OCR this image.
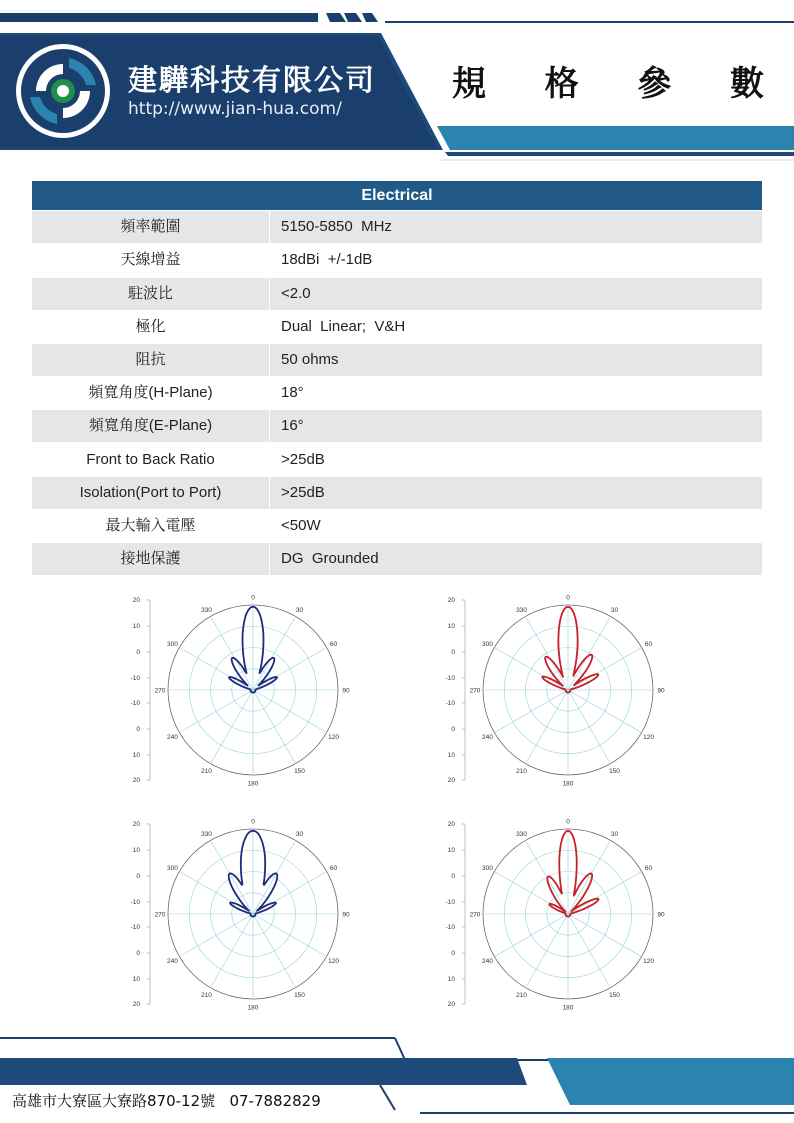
建驊科技有限公司
http://www.jian-hua.com/
規 格 參 數
Electrical
頻率範圍	5150-5850  MHz
天線增益	18dBi  +/-1dB
駐波比	<2.0
極化	Dual  Linear;  V&H
阻抗	50 ohms
頻寬角度(H-Plane)	18°
頻寬角度(E-Plane)	16°
Front to Back Ratio	>25dB
Isolation(Port to Port)	>25dB
最大輸入電壓	<50W
接地保護	DG  Grounded
20
10
0
-10
-10
0
10
20
0
30
60
90
120
150
180
210
240
270
300
330
20
10
0
-10
-10
0
10
20
0
30
60
90
120
150
180
210
240
270
300
330
20
10
0
-10
-10
0
10
20
0
30
60
90
120
150
180
210
240
270
300
330
20
10
0
-10
-10
0
10
20
0
30
60
90
120
150
180
210
240
270
300
330
高雄市大寮區大寮路870-12號 07-7882829
